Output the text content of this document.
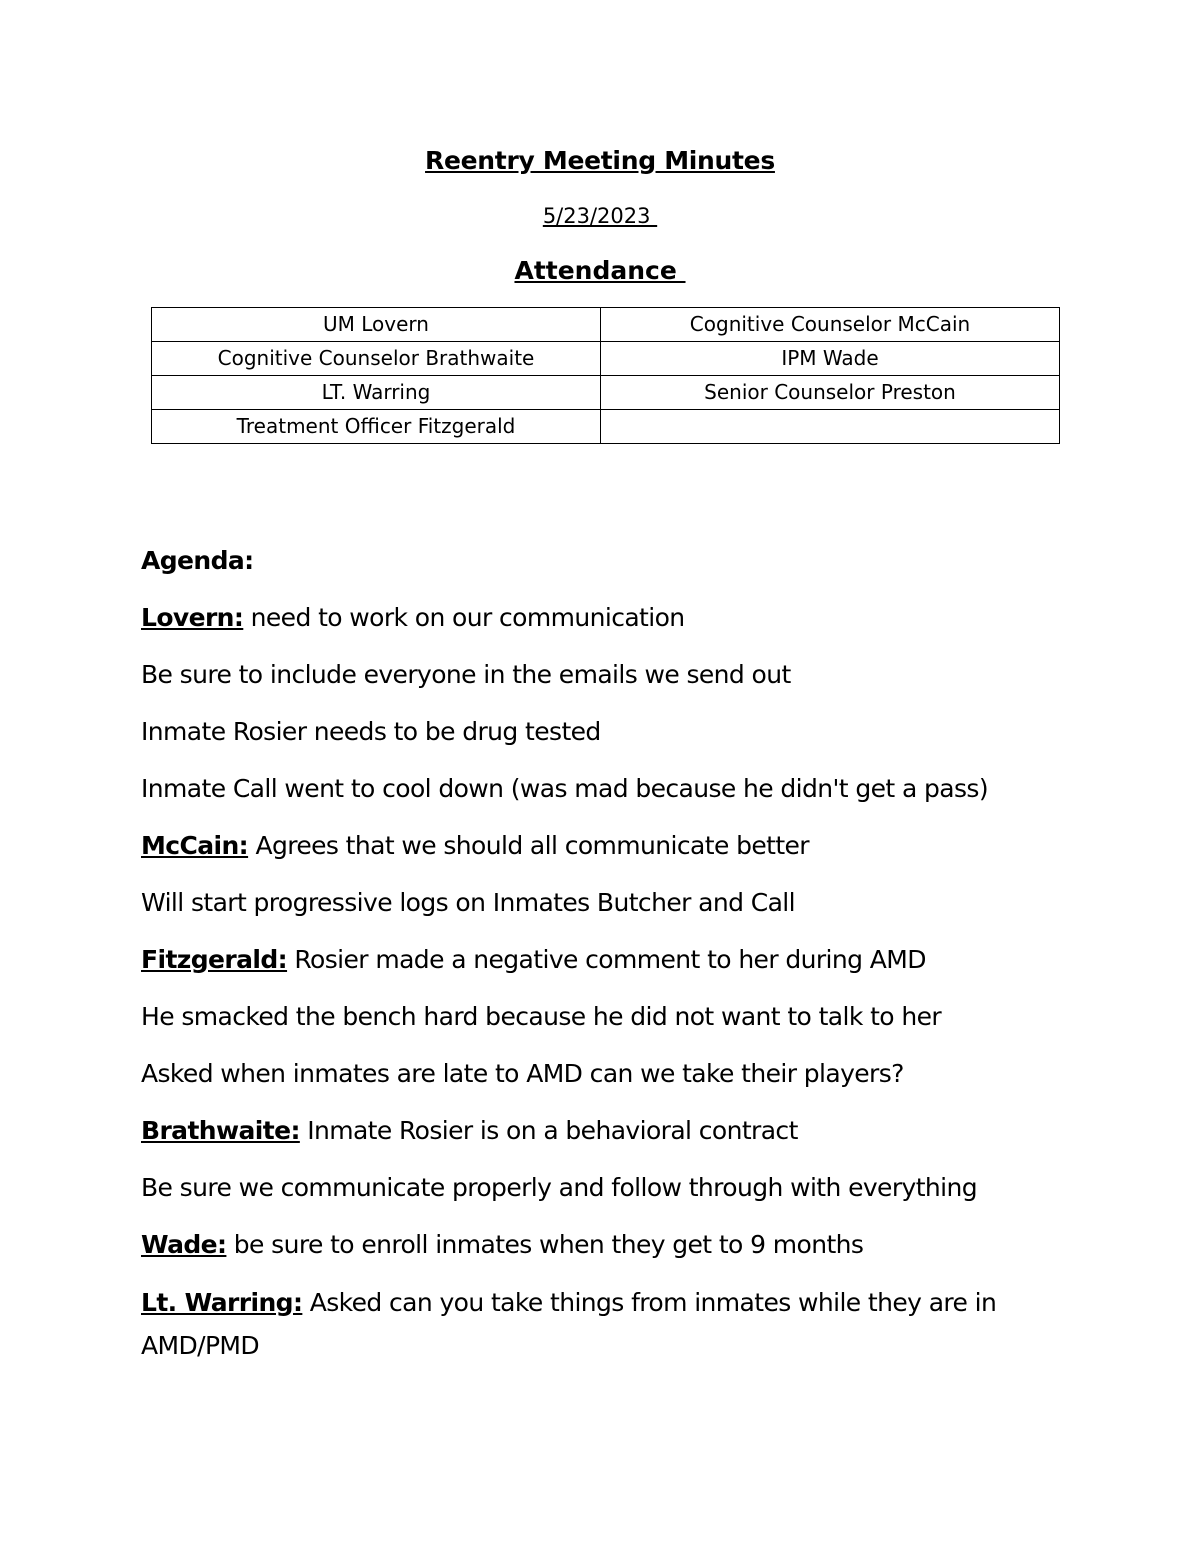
Reentry Meeting Minutes
5/23/2023
Attendance
UM Lovern	Cognitive Counselor McCain
Cognitive Counselor Brathwaite	IPM Wade
LT. Warring	Senior Counselor Preston
Treatment Officer Fitzgerald	
Agenda:
Lovern: need to work on our communication
Be sure to include everyone in the emails we send out
Inmate Rosier needs to be drug tested
Inmate Call went to cool down (was mad because he didn't get a pass)
McCain: Agrees that we should all communicate better
Will start progressive logs on Inmates Butcher and Call
Fitzgerald: Rosier made a negative comment to her during AMD
He smacked the bench hard because he did not want to talk to her
Asked when inmates are late to AMD can we take their players?
Brathwaite: Inmate Rosier is on a behavioral contract
Be sure we communicate properly and follow through with everything
Wade: be sure to enroll inmates when they get to 9 months
Lt. Warring: Asked can you take things from inmates while they are in AMD/PMD
